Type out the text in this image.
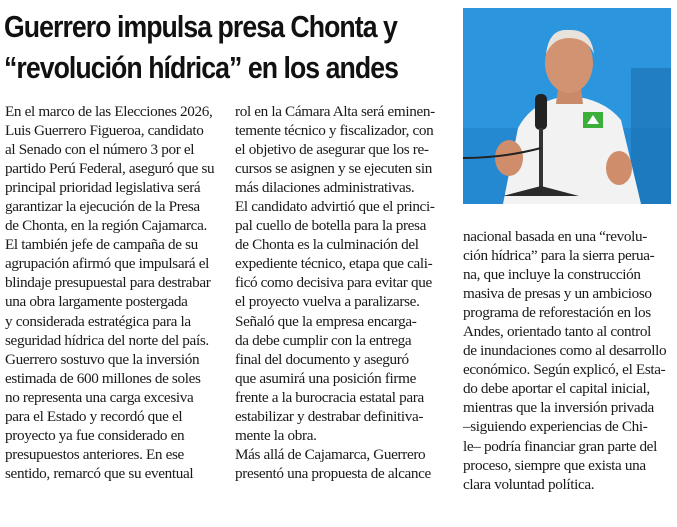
Guerrero impulsa presa Chonta y
“revolución hídrica” en los andes
En el marco de las Elecciones 2026,
Luis Guerrero Figueroa, candidato
al Senado con el número 3 por el
partido Perú Federal, aseguró que su
principal prioridad legislativa será
garantizar la ejecución de la Presa
de Chonta, en la región Cajamarca.
El también jefe de campaña de su
agrupación afirmó que impulsará el
blindaje presupuestal para destrabar
una obra largamente postergada
y considerada estratégica para la
seguridad hídrica del norte del país.
Guerrero sostuvo que la inversión
estimada de 600 millones de soles
no representa una carga excesiva
para el Estado y recordó que el
proyecto ya fue considerado en
presupuestos anteriores. En ese
sentido, remarcó que su eventual
rol en la Cámara Alta será eminen-
temente técnico y fiscalizador, con
el objetivo de asegurar que los re-
cursos se asignen y se ejecuten sin
más dilaciones administrativas.
El candidato advirtió que el princi-
pal cuello de botella para la presa
de Chonta es la culminación del
expediente técnico, etapa que cali-
ficó como decisiva para evitar que
el proyecto vuelva a paralizarse.
Señaló que la empresa encarga-
da debe cumplir con la entrega
final del documento y aseguró
que asumirá una posición firme
frente a la burocracia estatal para
estabilizar y destrabar definitiva-
mente la obra.
Más allá de Cajamarca, Guerrero
presentó una propuesta de alcance
nacional basada en una “revolu-
ción hídrica” para la sierra perua-
na, que incluye la construcción
masiva de presas y un ambicioso
programa de reforestación en los
Andes, orientado tanto al control
de inundaciones como al desarrollo
económico. Según explicó, el Esta-
do debe aportar el capital inicial,
mientras que la inversión privada
–siguiendo experiencias de Chi-
le– podría financiar gran parte del
proceso, siempre que exista una
clara voluntad política.
